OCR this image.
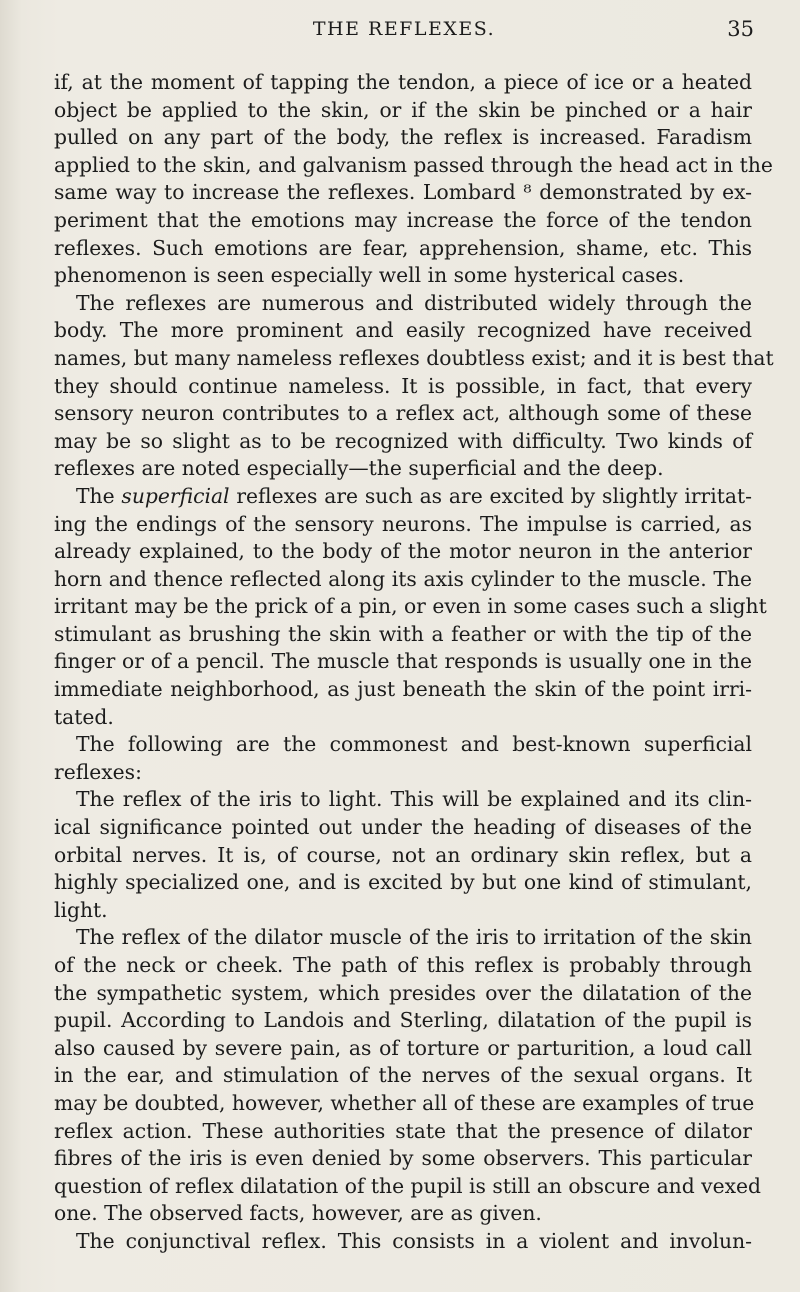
THE REFLEXES.	35
if, at the moment of tapping the tendon, a piece of ice or a heated
object be applied to the skin, or if the skin be pinched or a hair
pulled on any part of the body, the reflex is increased. Faradism
applied to the skin, and galvanism passed through the head act in the
same way to increase the reflexes. Lombard ⁸ demonstrated by ex-
periment that the emotions may increase the force of the tendon
reflexes. Such emotions are fear, apprehension, shame, etc. This
phenomenon is seen especially well in some hysterical cases.
The reflexes are numerous and distributed widely through the
body. The more prominent and easily recognized have received
names, but many nameless reflexes doubtless exist; and it is best that
they should continue nameless. It is possible, in fact, that every
sensory neuron contributes to a reflex act, although some of these
may be so slight as to be recognized with difficulty. Two kinds of
reflexes are noted especially—the superficial and the deep.
The superficial reflexes are such as are excited by slightly irritat-
ing the endings of the sensory neurons. The impulse is carried, as
already explained, to the body of the motor neuron in the anterior
horn and thence reflected along its axis cylinder to the muscle. The
irritant may be the prick of a pin, or even in some cases such a slight
stimulant as brushing the skin with a feather or with the tip of the
finger or of a pencil. The muscle that responds is usually one in the
immediate neighborhood, as just beneath the skin of the point irri-
tated.
The following are the commonest and best-known superficial
reflexes:
The reflex of the iris to light. This will be explained and its clin-
ical significance pointed out under the heading of diseases of the
orbital nerves. It is, of course, not an ordinary skin reflex, but a
highly specialized one, and is excited by but one kind of stimulant,
light.
The reflex of the dilator muscle of the iris to irritation of the skin
of the neck or cheek. The path of this reflex is probably through
the sympathetic system, which presides over the dilatation of the
pupil. According to Landois and Sterling, dilatation of the pupil is
also caused by severe pain, as of torture or parturition, a loud call
in the ear, and stimulation of the nerves of the sexual organs. It
may be doubted, however, whether all of these are examples of true
reflex action. These authorities state that the presence of dilator
fibres of the iris is even denied by some observers. This particular
question of reflex dilatation of the pupil is still an obscure and vexed
one. The observed facts, however, are as given.
The conjunctival reflex. This consists in a violent and involun-
